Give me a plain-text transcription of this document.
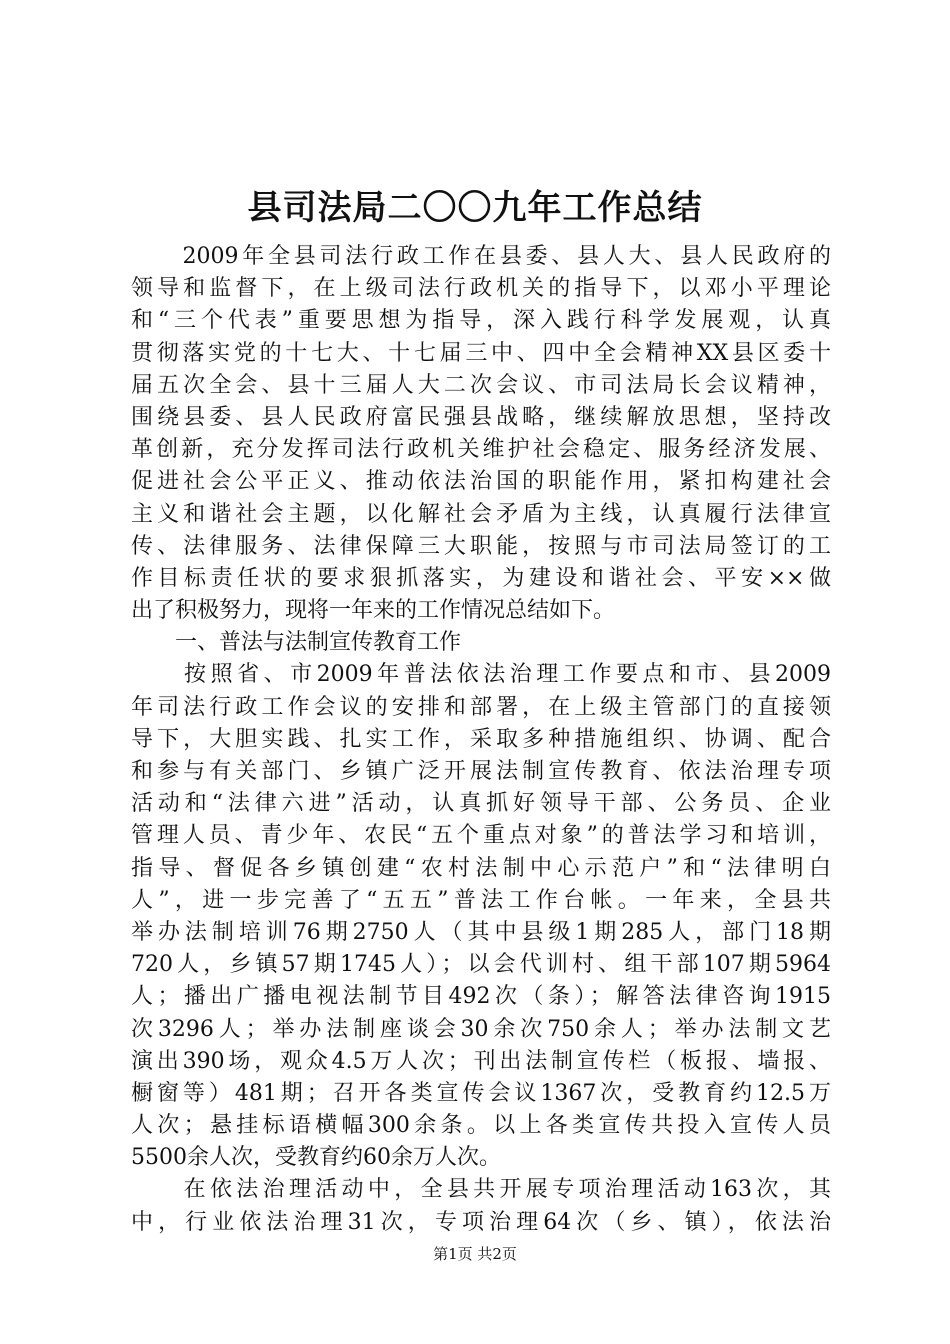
县司法局二〇〇九年工作总结
　　2009年全县司法行政工作在县委、县人大、县人民政府的
领导和监督下，在上级司法行政机关的指导下，以邓小平理论
和“三个代表”重要思想为指导，深入践行科学发展观，认真
贯彻落实党的十七大、十七届三中、四中全会精神XX县区委十
届五次全会、县十三届人大二次会议、市司法局长会议精神，
围绕县委、县人民政府富民强县战略，继续解放思想，坚持改
革创新，充分发挥司法行政机关维护社会稳定、服务经济发展、
促进社会公平正义、推动依法治国的职能作用，紧扣构建社会
主义和谐社会主题，以化解社会矛盾为主线，认真履行法律宣
传、法律服务、法律保障三大职能，按照与市司法局签订的工
作目标责任状的要求狠抓落实，为建设和谐社会、平安××做
出了积极努力，现将一年来的工作情况总结如下。
　　一、普法与法制宣传教育工作
　　按照省、市2009年普法依法治理工作要点和市、县2009
年司法行政工作会议的安排和部署，在上级主管部门的直接领
导下，大胆实践、扎实工作，采取多种措施组织、协调、配合
和参与有关部门、乡镇广泛开展法制宣传教育、依法治理专项
活动和“法律六进”活动，认真抓好领导干部、公务员、企业
管理人员、青少年、农民“五个重点对象”的普法学习和培训，
指导、督促各乡镇创建“农村法制中心示范户”和“法律明白
人”，进一步完善了“五五”普法工作台帐。一年来，全县共
举办法制培训76期2750人（其中县级1期285人，部门18期
720人，乡镇57期1745人）；以会代训村、组干部107期5964
人；播出广播电视法制节目492次（条）；解答法律咨询1915
次3296人；举办法制座谈会30余次750余人；举办法制文艺
演出390场，观众4.5万人次；刊出法制宣传栏（板报、墙报、
橱窗等）481期；召开各类宣传会议1367次，受教育约12.5万
人次；悬挂标语横幅300余条。以上各类宣传共投入宣传人员
5500余人次，受教育约60余万人次。
　　在依法治理活动中，全县共开展专项治理活动163次，其
中，行业依法治理31次，专项治理64次（乡、镇），依法治
第1页 共2页
